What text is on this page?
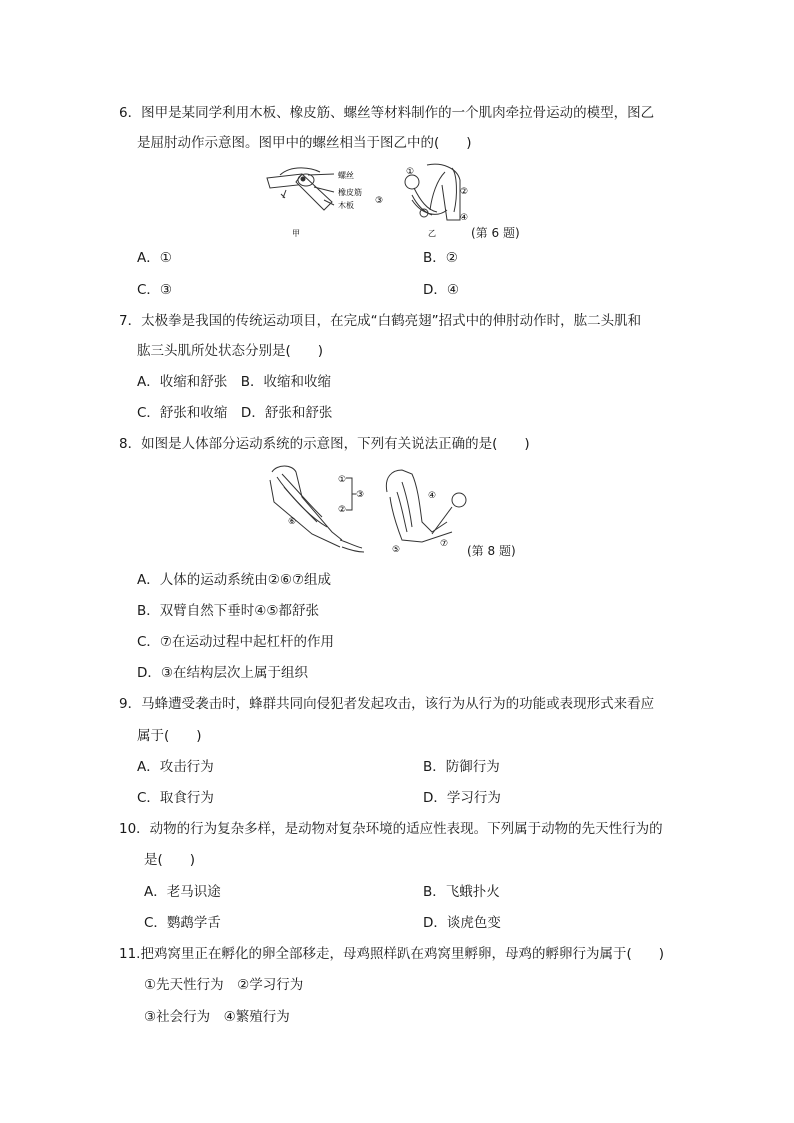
6．图甲是某同学利用木板、橡皮筋、螺丝等材料制作的一个肌肉牵拉骨运动的模型，图乙
是屈肘动作示意图。图甲中的螺丝相当于图乙中的(　　)
螺丝
橡皮筋
木板
甲
①
②
③
④
乙	(第 6 题)
A．①	B．②
C．③	D．④
7．太极拳是我国的传统运动项目，在完成“白鹤亮翅”招式中的伸肘动作时，肱二头肌和
肱三头肌所处状态分别是(　　)
A．收缩和舒张　B．收缩和收缩
C．舒张和收缩　D．舒张和舒张
8．如图是人体部分运动系统的示意图，下列有关说法正确的是(　　)
①
②
③
⑥
④
⑤
⑦ (第 8 题)
A．人体的运动系统由②⑥⑦组成
B．双臂自然下垂时④⑤都舒张
C．⑦在运动过程中起杠杆的作用
D．③在结构层次上属于组织
9．马蜂遭受袭击时，蜂群共同向侵犯者发起攻击，该行为从行为的功能或表现形式来看应
属于(　　)
A．攻击行为	B．防御行为
C．取食行为	D．学习行为
10．动物的行为复杂多样，是动物对复杂环境的适应性表现。下列属于动物的先天性行为的
是(　　)
A．老马识途	B．飞蛾扑火
C．鹦鹉学舌	D．谈虎色变
11.把鸡窝里正在孵化的卵全部移走，母鸡照样趴在鸡窝里孵卵，母鸡的孵卵行为属于(　　)
①先天性行为　②学习行为
③社会行为　④繁殖行为
